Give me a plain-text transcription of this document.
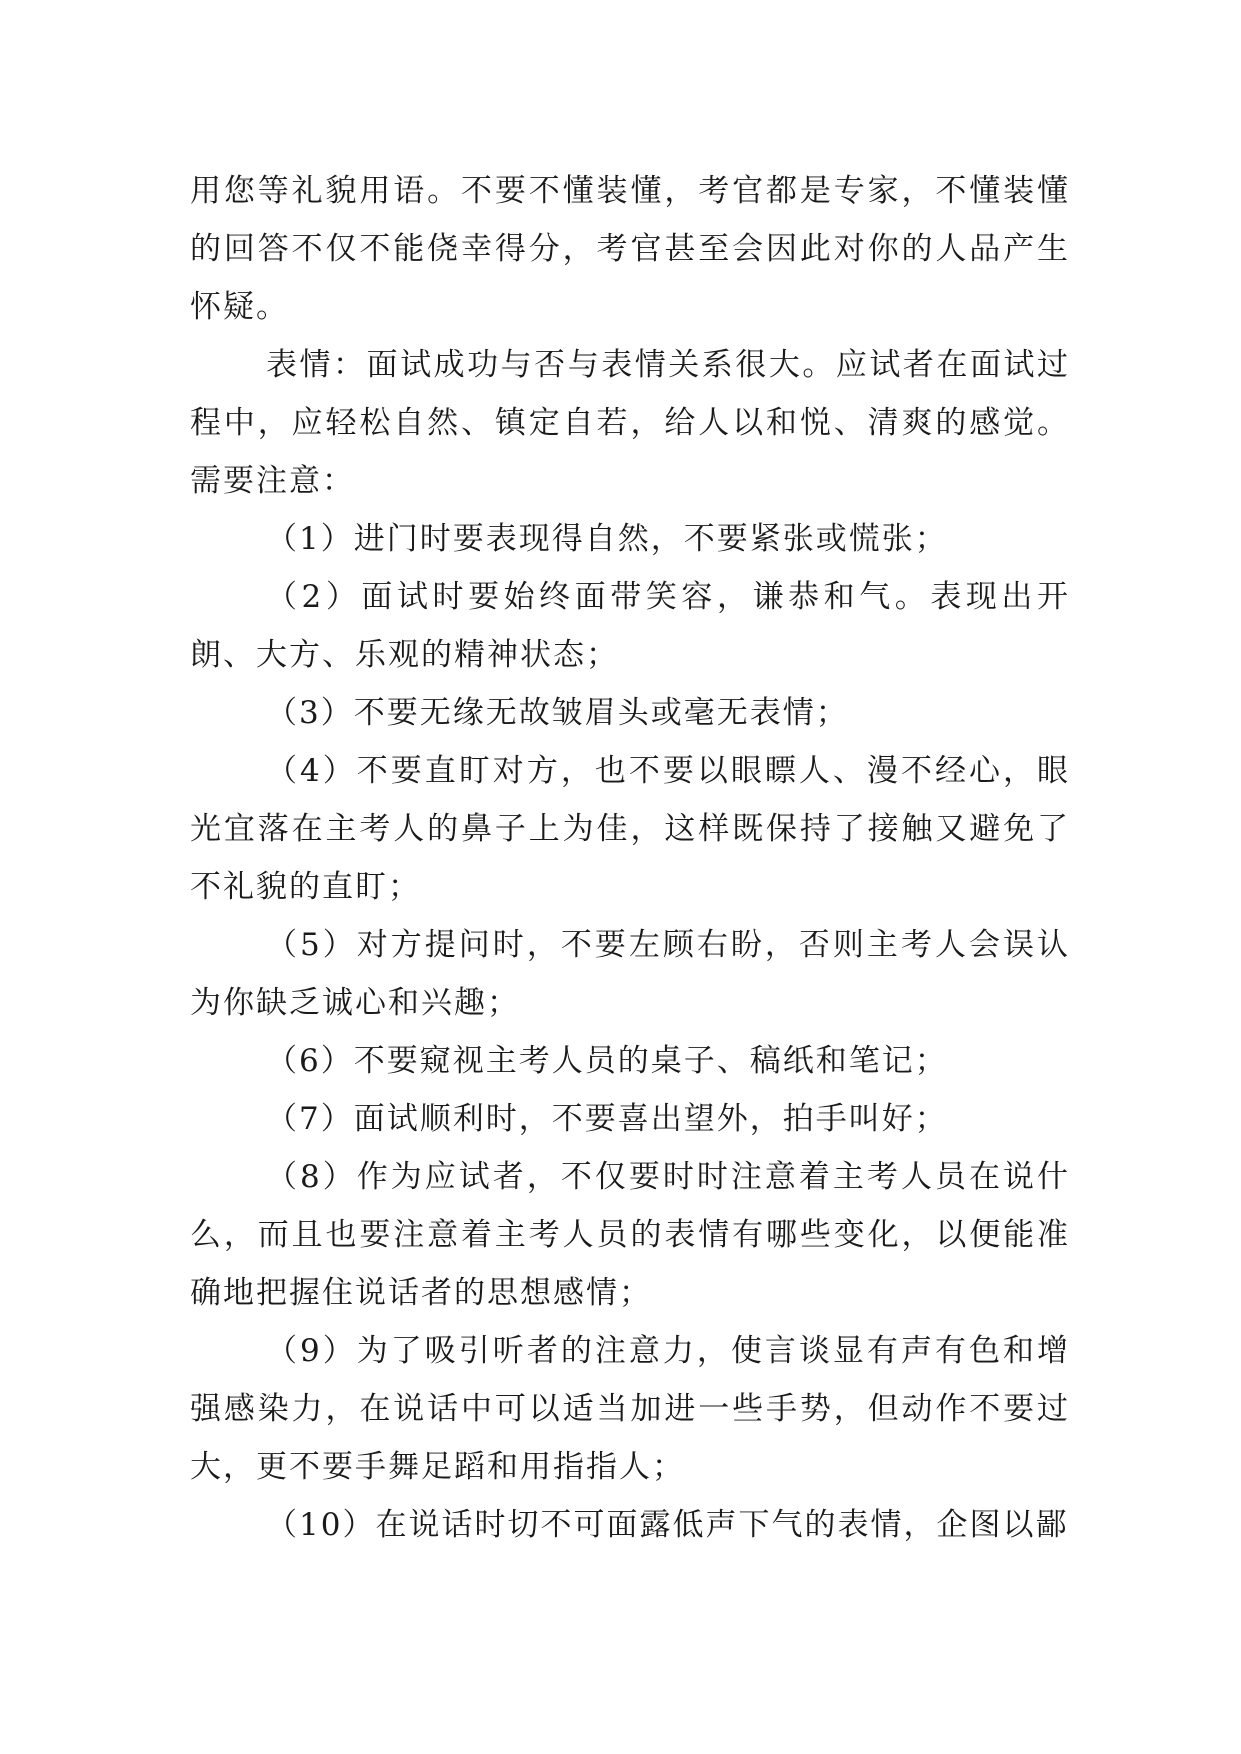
用您等礼貌用语。不要不懂装懂，考官都是专家，不懂装懂的回答不仅不能侥幸得分，考官甚至会因此对你的人品产生怀疑。

表情：面试成功与否与表情关系很大。应试者在面试过程中，应轻松自然、镇定自若，给人以和悦、清爽的感觉。需要注意：

（1）进门时要表现得自然，不要紧张或慌张；

（2）面试时要始终面带笑容，谦恭和气。表现出开朗、大方、乐观的精神状态；

（3）不要无缘无故皱眉头或毫无表情；

（4）不要直盯对方，也不要以眼瞟人、漫不经心，眼光宜落在主考人的鼻子上为佳，这样既保持了接触又避免了不礼貌的直盯；

（5）对方提问时，不要左顾右盼，否则主考人会误认为你缺乏诚心和兴趣；

（6）不要窥视主考人员的桌子、稿纸和笔记；

（7）面试顺利时，不要喜出望外，拍手叫好；

（8）作为应试者，不仅要时时注意着主考人员在说什么，而且也要注意着主考人员的表情有哪些变化，以便能准确地把握住说话者的思想感情；

（9）为了吸引听者的注意力，使言谈显有声有色和增强感染力，在说话中可以适当加进一些手势，但动作不要过大，更不要手舞足蹈和用指指人；

（10）在说话时切不可面露低声下气的表情，企图以鄙
